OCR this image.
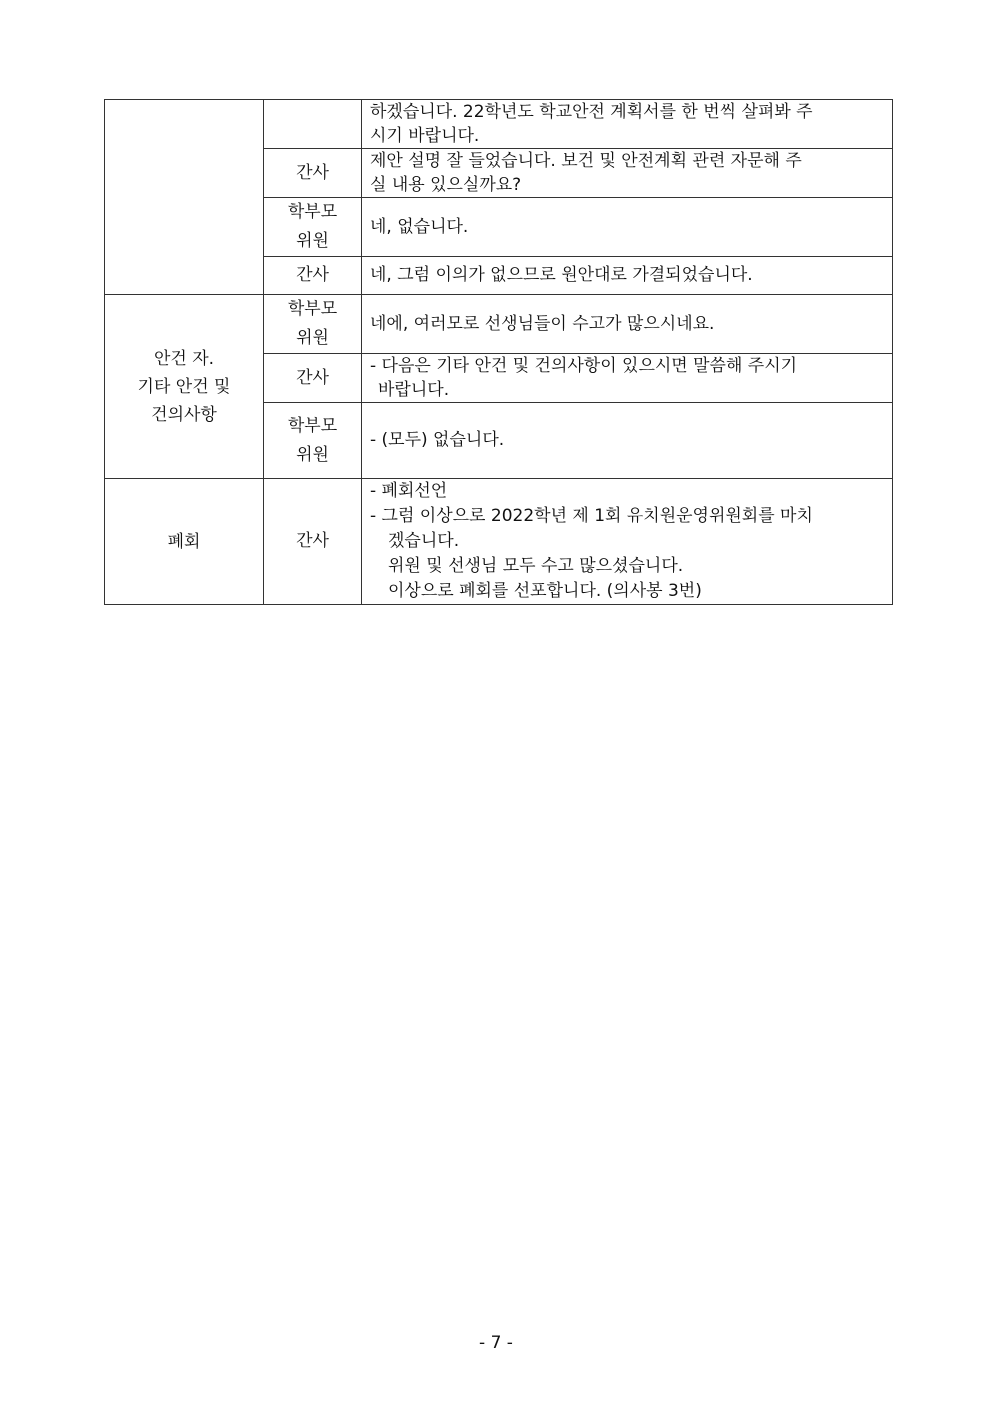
		하겠습니다. 22학년도 학교안전 계획서를 한 번씩 살펴봐 주
시기 바랍니다.

	간사	제안 설명 잘 들었습니다. 보건 및 안전계획 관련 자문해 주
실 내용 있으실까요?

	학부모
위원	네, 없습니다.
	간사	네, 그럼 이의가 없으므로 원안대로 가결되었습니다.

안건 자.
기타 안건 및
건의사항	학부모
위원	네에, 여러모로 선생님들이 수고가 많으시네요.
	간사	- 다음은 기타 안건 및 건의사항이 있으시면 말씀해 주시기
바랍니다.

	학부모
위원	- (모두) 없습니다.
폐회	간사	- 폐회선언
- 그럼 이상으로 2022학년 제 1회 유치원운영위원회를 마치
겠습니다.
위원 및 선생님 모두 수고 많으셨습니다.
이상으로 폐회를 선포합니다. (의사봉 3번)
- 7 -
